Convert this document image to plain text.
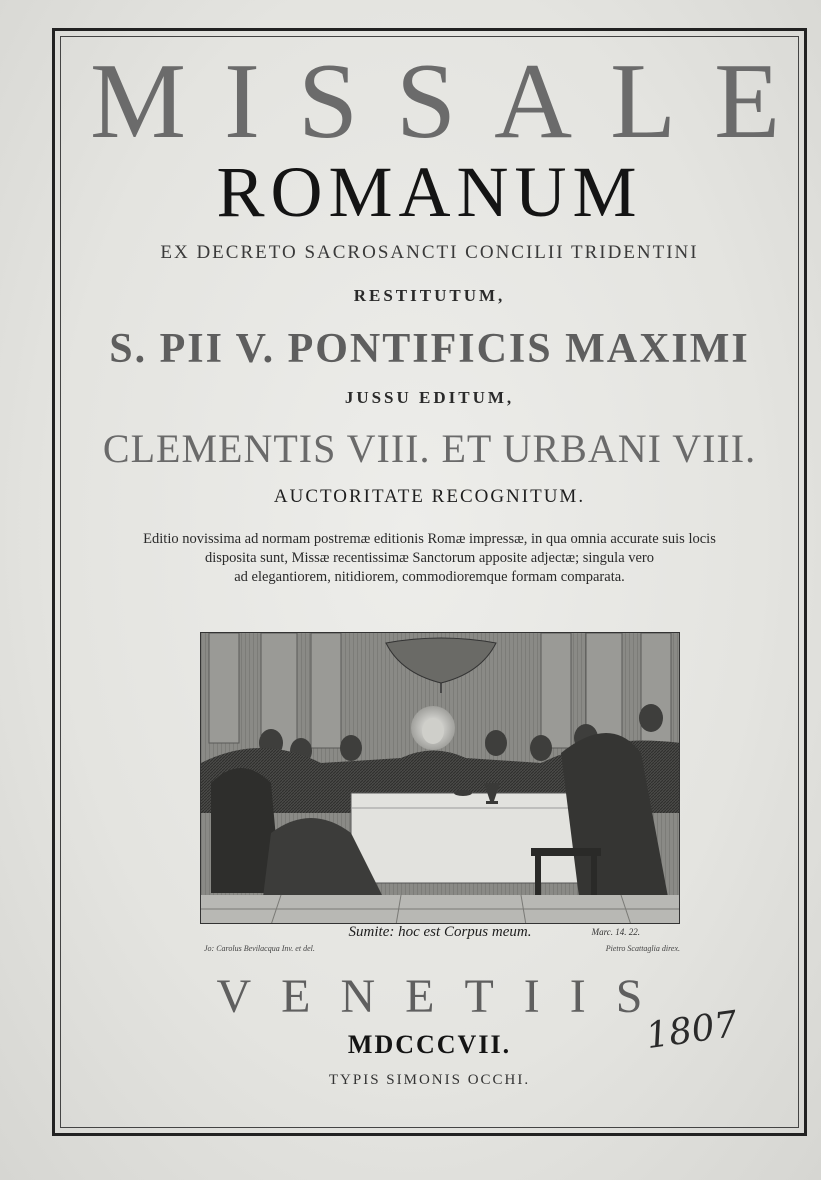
MISSALE
ROMANUM
EX DECRETO SACROSANCTI CONCILII TRIDENTINI
RESTITUTUM,
S. PII V. PONTIFICIS MAXIMI
JUSSU EDITUM,
CLEMENTIS VIII. ET URBANI VIII.
AUCTORITATE RECOGNITUM.
Editio novissima ad normam postremæ editionis Romæ impressæ, in qua omnia accurate suis locis
disposita sunt, Missæ recentissimæ Sanctorum apposite adjectæ; singula vero
ad elegantiorem, nitidiorem, commodioremque formam comparata.
Sumite: hoc est Corpus meum.	Marc. 14. 22.
Jo: Carolus Bevilacqua Inv. et del.	Pietro Scattaglia direx.
VENETIIS
MDCCCVII.
TYPIS SIMONIS OCCHI.
1807
